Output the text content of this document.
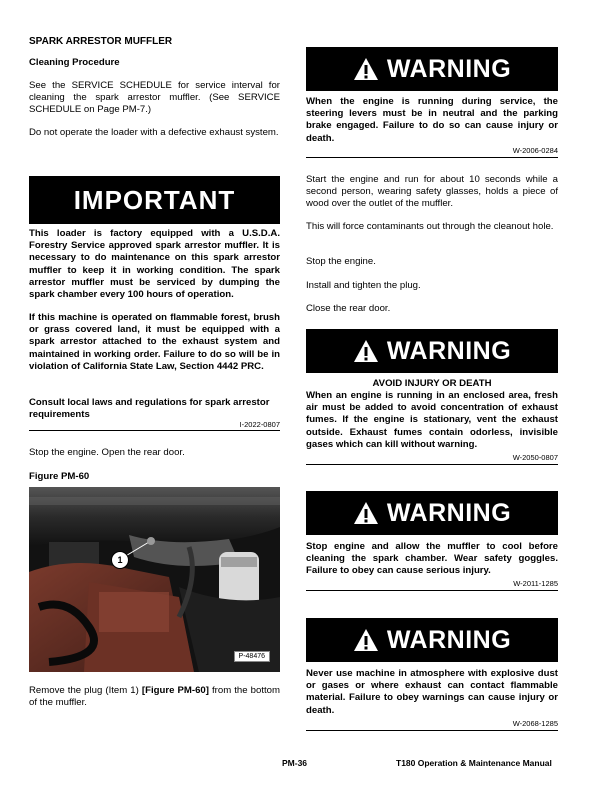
SPARK ARRESTOR MUFFLER
Cleaning Procedure
See the SERVICE SCHEDULE for service interval for cleaning the spark arrestor muffler. (See SERVICE SCHEDULE on Page PM-7.)
Do not operate the loader with a defective exhaust system.
IMPORTANT
This loader is factory equipped with a U.S.D.A. Forestry Service approved spark arrestor muffler. It is necessary to do maintenance on this spark arrestor muffler to keep it in working condition. The spark arrestor muffler must be serviced by dumping the spark chamber every 100 hours of operation.
If this machine is operated on flammable forest, brush or grass covered land, it must be equipped with a spark arrestor attached to the exhaust system and maintained in working order. Failure to do so will be in violation of California State Law, Section 4442 PRC.
Consult local laws and regulations for spark arrestor requirements
I-2022-0807
Stop the engine. Open the rear door.
Figure PM-60
Remove the plug (Item 1) [Figure PM-60] from the bottom of the muffler.
1
P-48476
WARNING
When the engine is running during service, the steering levers must be in neutral and the parking brake engaged. Failure to do so can cause injury or death.
W-2006-0284
Start the engine and run for about 10 seconds while a second person, wearing safety glasses, holds a piece of wood over the outlet of the muffler.
This will force contaminants out through the cleanout hole.
Stop the engine.
Install and tighten the plug.
Close the rear door.
WARNING
AVOID INJURY OR DEATH
When an engine is running in an enclosed area, fresh air must be added to avoid concentration of exhaust fumes. If the engine is stationary, vent the exhaust outside. Exhaust fumes contain odorless, invisible gases which can kill without warning.
W-2050-0807
WARNING
Stop engine and allow the muffler to cool before cleaning the spark chamber. Wear safety goggles. Failure to obey can cause serious injury.
W-2011-1285
WARNING
Never use machine in atmosphere with explosive dust or gases or where exhaust can contact flammable material. Failure to obey warnings can cause injury or death.
W-2068-1285
PM-36	T180 Operation & Maintenance Manual
